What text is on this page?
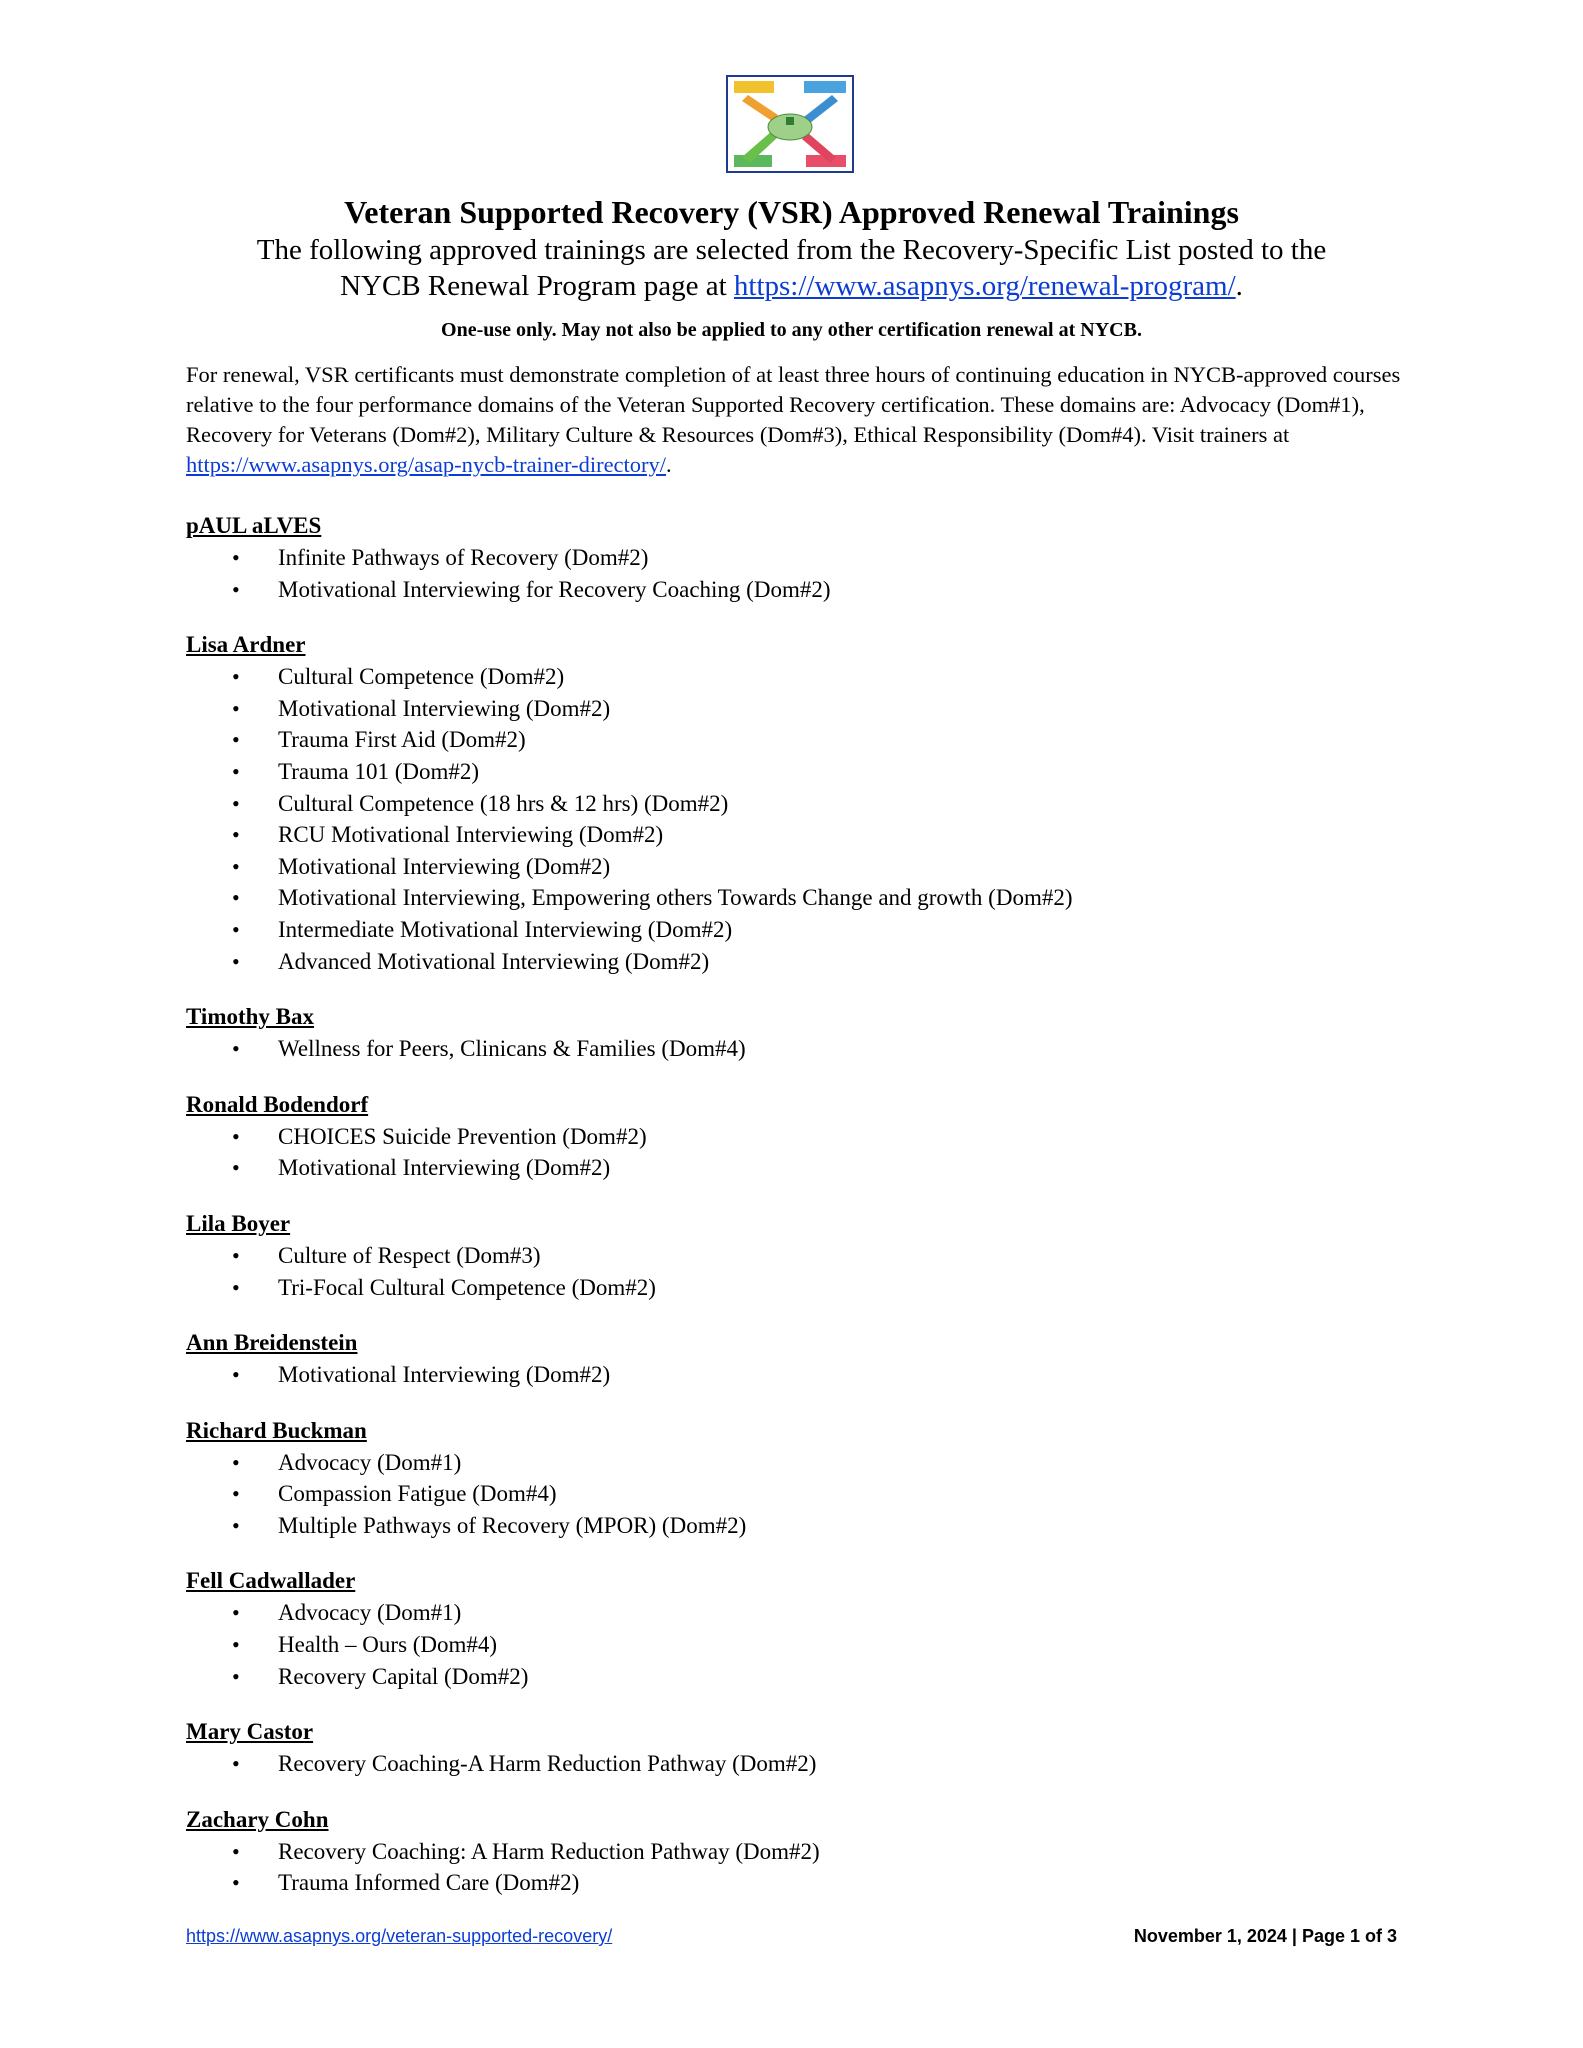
Veteran Supported Recovery (VSR) Approved Renewal Trainings
The following approved trainings are selected from the Recovery-Specific List posted to the
NYCB Renewal Program page at https://www.asapnys.org/renewal-program/.
One-use only. May not also be applied to any other certification renewal at NYCB.
For renewal, VSR certificants must demonstrate completion of at least three hours of continuing education in NYCB-approved courses relative to the four performance domains of the Veteran Supported Recovery certification. These domains are: Advocacy (Dom#1), Recovery for Veterans (Dom#2), Military Culture & Resources (Dom#3), Ethical Responsibility (Dom#4). Visit trainers at https://www.asapnys.org/asap-nycb-trainer-directory/.
pAUL aLVES
• Infinite Pathways of Recovery (Dom#2)
• Motivational Interviewing for Recovery Coaching (Dom#2)
Lisa Ardner
• Cultural Competence (Dom#2)
• Motivational Interviewing (Dom#2)
• Trauma First Aid (Dom#2)
• Trauma 101 (Dom#2)
• Cultural Competence (18 hrs & 12 hrs) (Dom#2)
• RCU Motivational Interviewing (Dom#2)
• Motivational Interviewing (Dom#2)
• Motivational Interviewing, Empowering others Towards Change and growth (Dom#2)
• Intermediate Motivational Interviewing (Dom#2)
• Advanced Motivational Interviewing (Dom#2)
Timothy Bax
• Wellness for Peers, Clinicans & Families (Dom#4)
Ronald Bodendorf
• CHOICES Suicide Prevention (Dom#2)
• Motivational Interviewing (Dom#2)
Lila Boyer
• Culture of Respect (Dom#3)
• Tri-Focal Cultural Competence (Dom#2)
Ann Breidenstein
• Motivational Interviewing (Dom#2)
Richard Buckman
• Advocacy (Dom#1)
• Compassion Fatigue (Dom#4)
• Multiple Pathways of Recovery (MPOR) (Dom#2)
Fell Cadwallader
• Advocacy (Dom#1)
• Health – Ours (Dom#4)
• Recovery Capital (Dom#2)
Mary Castor
• Recovery Coaching-A Harm Reduction Pathway (Dom#2)
Zachary Cohn
• Recovery Coaching: A Harm Reduction Pathway (Dom#2)
• Trauma Informed Care (Dom#2)
https://www.asapnys.org/veteran-supported-recovery/	November 1, 2024 | Page 1 of 3
